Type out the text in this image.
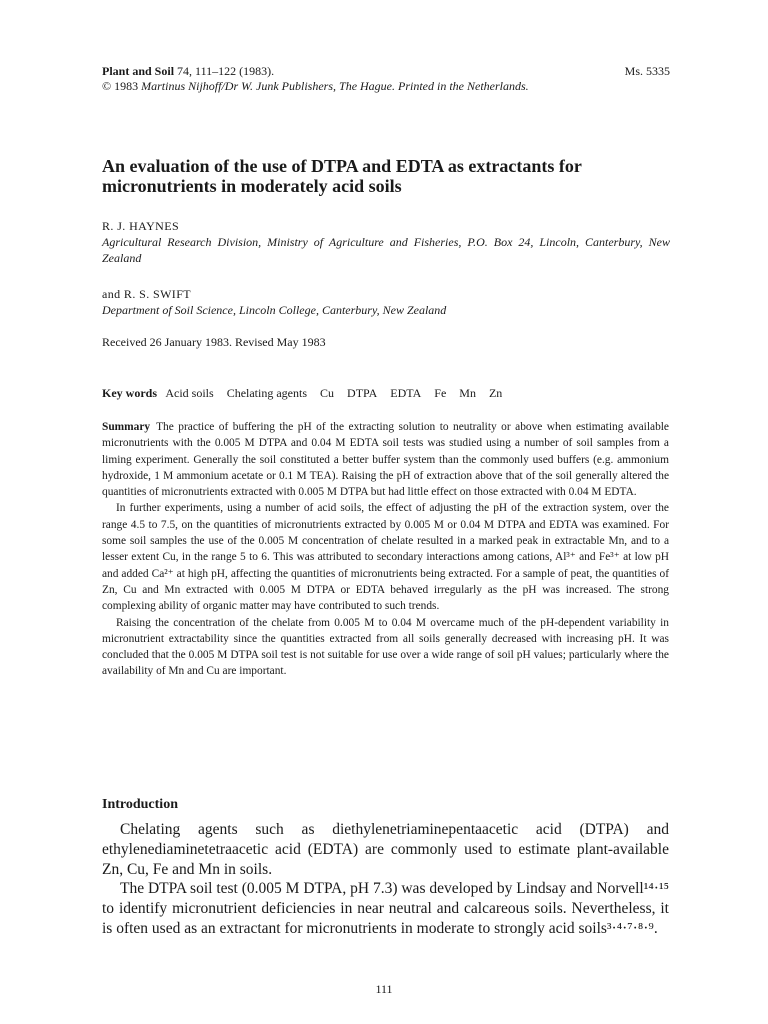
Plant and Soil 74, 111–122 (1983).	Ms. 5335
© 1983 Martinus Nijhoff/Dr W. Junk Publishers, The Hague. Printed in the Netherlands.
An evaluation of the use of DTPA and EDTA as extractants for micronutrients in moderately acid soils
R. J. HAYNES
Agricultural Research Division, Ministry of Agriculture and Fisheries, P.O. Box 24, Lincoln, Canterbury, New Zealand
and R. S. SWIFT
Department of Soil Science, Lincoln College, Canterbury, New Zealand
Received 26 January 1983. Revised May 1983
Key words Acid soils Chelating agents Cu DTPA EDTA Fe Mn Zn

Summary The practice of buffering the pH of the extracting solution to neutrality or above when estimating available micronutrients with the 0.005 M DTPA and 0.04 M EDTA soil tests was studied using a number of soil samples from a liming experiment. Generally the soil constituted a better buffer system than the commonly used buffers (e.g. ammonium hydroxide, 1 M ammonium acetate or 0.1 M TEA). Raising the pH of extraction above that of the soil generally altered the quantities of micronutrients extracted with 0.005 M DTPA but had little effect on those extracted with 0.04 M EDTA.

In further experiments, using a number of acid soils, the effect of adjusting the pH of the extraction system, over the range 4.5 to 7.5, on the quantities of micronutrients extracted by 0.005 M or 0.04 M DTPA and EDTA was examined. For some soil samples the use of the 0.005 M concentration of chelate resulted in a marked peak in extractable Mn, and to a lesser extent Cu, in the range 5 to 6. This was attributed to secondary interactions among cations, Al³⁺ and Fe³⁺ at low pH and added Ca²⁺ at high pH, affecting the quantities of micronutrients being extracted. For a sample of peat, the quantities of Zn, Cu and Mn extracted with 0.005 M DTPA or EDTA behaved irregularly as the pH was increased. The strong complexing ability of organic matter may have contributed to such trends.

Raising the concentration of the chelate from 0.005 M to 0.04 M overcame much of the pH-dependent variability in micronutrient extractability since the quantities extracted from all soils generally decreased with increasing pH. It was concluded that the 0.005 M DTPA soil test is not suitable for use over a wide range of soil pH values; particularly where the availability of Mn and Cu are important.

Introduction

Chelating agents such as diethylenetriaminepentaacetic acid (DTPA) and ethylenediaminetetraacetic acid (EDTA) are commonly used to estimate plant-available Zn, Cu, Fe and Mn in soils.

The DTPA soil test (0.005 M DTPA, pH 7.3) was developed by Lindsay and Norvell¹⁴·¹⁵ to identify micronutrient deficiencies in near neutral and calcareous soils. Nevertheless, it is often used as an extractant for micronutrients in moderate to strongly acid soils³·⁴·⁷·⁸·⁹.

111
